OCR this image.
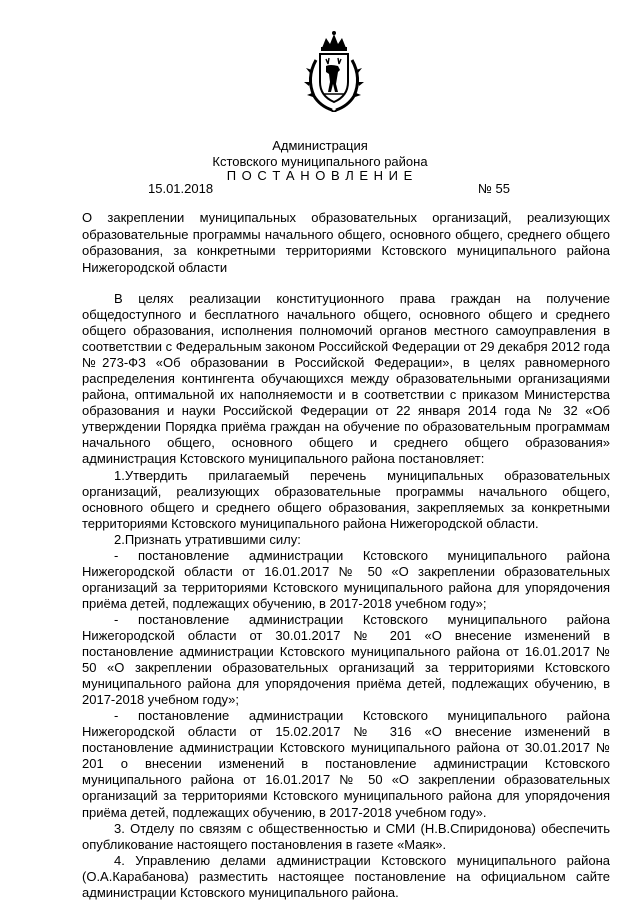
Администрация
Кстовского муниципального района
П О С Т А Н О В Л Е Н И Е
15.01.2018	№ 55
О закреплении муниципальных образовательных организаций, реализующих образовательные программы начального общего, основного общего, среднего общего образования, за конкретными территориями Кстовского муниципального района Нижегородской области

В целях реализации конституционного права граждан на получение общедоступного и бесплатного начального общего, основного общего и среднего общего образования, исполнения полномочий органов местного самоуправления в соответствии с Федеральным законом Российской Федерации от 29 декабря 2012 года №273-ФЗ «Об образовании в Российской Федерации», в целях равномерного распределения контингента обучающихся между образовательными организациями района, оптимальной их наполняемости и в соответствии с приказом Министерства образования и науки Российской Федерации от 22 января 2014 года № 32 «Об утверждении Порядка приёма граждан на обучение по образовательным программам начального общего, основного общего и среднего общего образования» администрация Кстовского муниципального района постановляет:

1.Утвердить прилагаемый перечень муниципальных образовательных организаций, реализующих образовательные программы начального общего, основного общего и среднего общего образования, закрепляемых за конкретными территориями Кстовского муниципального района Нижегородской области.

2.Признать утратившими силу:

- постановление администрации Кстовского муниципального района Нижегородской области от 16.01.2017 № 50 «О закреплении образовательных организаций за территориями Кстовского муниципального района для упорядочения приёма детей, подлежащих обучению, в 2017-2018 учебном году»;

- постановление администрации Кстовского муниципального района Нижегородской области от 30.01.2017 № 201 «О внесение изменений в постановление администрации Кстовского муниципального района от 16.01.2017 № 50 «О закреплении образовательных организаций за территориями Кстовского муниципального района для упорядочения приёма детей, подлежащих обучению, в 2017-2018 учебном году»;

- постановление администрации Кстовского муниципального района Нижегородской области от 15.02.2017 № 316 «О внесение изменений в постановление администрации Кстовского муниципального района от 30.01.2017 № 201 о внесении изменений в постановление администрации Кстовского муниципального района от 16.01.2017 № 50 «О закреплении образовательных организаций за территориями Кстовского муниципального района для упорядочения приёма детей, подлежащих обучению, в 2017-2018 учебном году».

3. Отделу по связям с общественностью и СМИ (Н.В.Спиридонова) обеспечить опубликование настоящего постановления в газете «Маяк».

4. Управлению делами администрации Кстовского муниципального района (О.А.Карабанова) разместить настоящее постановление на официальном сайте администрации Кстовского муниципального района.
